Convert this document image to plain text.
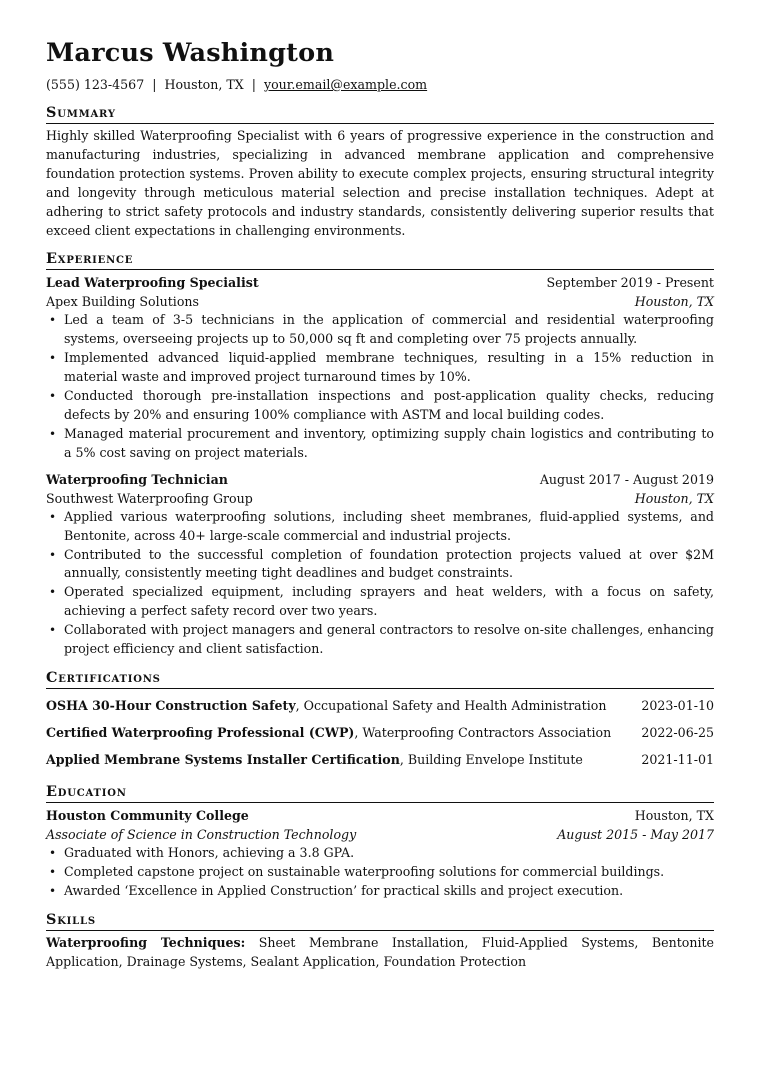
Marcus Washington
(555) 123-4567 | Houston, TX | your.email@example.com
Summary
Highly skilled Waterproofing Specialist with 6 years of progressive experience in the construction and manufacturing industries, specializing in advanced membrane application and comprehensive foundation protection systems. Proven ability to execute complex projects, ensuring structural integrity and longevity through meticulous material selection and precise installation techniques. Adept at adhering to strict safety protocols and industry standards, consistently delivering superior results that exceed client expectations in challenging environments.
Experience
Lead Waterproofing Specialist	September 2019 - Present
Apex Building Solutions	Houston, TX
• Led a team of 3-5 technicians in the application of commercial and residential waterproofing systems, overseeing projects up to 50,000 sq ft and completing over 75 projects annually.
• Implemented advanced liquid-applied membrane techniques, resulting in a 15% reduction in material waste and improved project turnaround times by 10%.
• Conducted thorough pre-installation inspections and post-application quality checks, reducing defects by 20% and ensuring 100% compliance with ASTM and local building codes.
• Managed material procurement and inventory, optimizing supply chain logistics and contributing to a 5% cost saving on project materials.
Waterproofing Technician	August 2017 - August 2019
Southwest Waterproofing Group	Houston, TX
• Applied various waterproofing solutions, including sheet membranes, fluid-applied systems, and Bentonite, across 40+ large-scale commercial and industrial projects.
• Contributed to the successful completion of foundation protection projects valued at over $2M annually, consistently meeting tight deadlines and budget constraints.
• Operated specialized equipment, including sprayers and heat welders, with a focus on safety, achieving a perfect safety record over two years.
• Collaborated with project managers and general contractors to resolve on-site challenges, enhancing project efficiency and client satisfaction.
Certifications
OSHA 30-Hour Construction Safety, Occupational Safety and Health Administration	2023-01-10
Certified Waterproofing Professional (CWP), Waterproofing Contractors Association 2022-06-25
Applied Membrane Systems Installer Certification, Building Envelope Institute	2021-11-01
Education
Houston Community College	Houston, TX
Associate of Science in Construction Technology	August 2015 - May 2017
• Graduated with Honors, achieving a 3.8 GPA.
• Completed capstone project on sustainable waterproofing solutions for commercial buildings.
• Awarded ‘Excellence in Applied Construction’ for practical skills and project execution.
Skills
Waterproofing Techniques: Sheet Membrane Installation, Fluid-Applied Systems, Bentonite Application, Drainage Systems, Sealant Application, Foundation Protection
